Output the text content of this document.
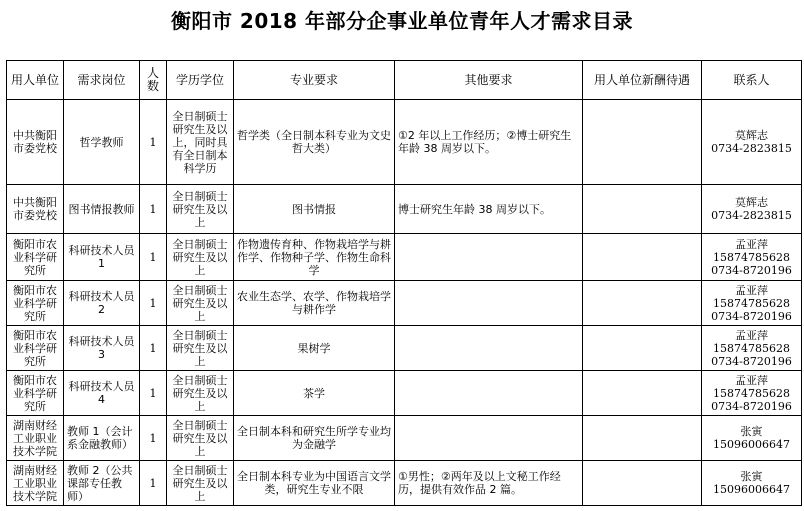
衡阳市 2018 年部分企事业单位青年人才需求目录
用人单位	需求岗位	人数	学历学位	专业要求	其他要求	用人单位新酬待遇	联系人
中共衡阳市委党校	哲学教师	1	全日制硕士研究生及以上，同时具有全日制本科学历	哲学类（全日制本科专业为文史哲大类）	①2 年以上工作经历；②博士研究生年龄 38 周岁以下。		莫辉志
0734-2823815

中共衡阳市委党校	图书情报教师	1	全日制硕士研究生及以上	图书情报	博士研究生年龄 38 周岁以下。		莫辉志
0734-2823815

衡阳市农业科学研究所	科研技术人员 1	1	全日制硕士研究生及以上	作物遗传育种、作物栽培学与耕作学、作物种子学、作物生命科学			孟亚萍
15874785628
0734-8720196

衡阳市农业科学研究所	科研技术人员 2	1	全日制硕士研究生及以上	农业生态学、农学、作物栽培学与耕作学			孟亚萍
15874785628
0734-8720196

衡阳市农业科学研究所	科研技术人员 3	1	全日制硕士研究生及以上	果树学			孟亚萍
15874785628
0734-8720196

衡阳市农业科学研究所	科研技术人员 4	1	全日制硕士研究生及以上	茶学			孟亚萍
15874785628
0734-8720196

湖南财经工业职业技术学院	教师 1（会计系金融教师）	1	全日制硕士研究生及以上	全日制本科和研究生所学专业均为金融学			张寅
15096006647

湖南财经工业职业技术学院	教师 2（公共课部专任教师）	1	全日制硕士研究生及以上	全日制本科专业为中国语言文学类，研究生专业不限	①男性；②两年及以上文秘工作经历，提供有效作品 2 篇。		张寅
15096006647
